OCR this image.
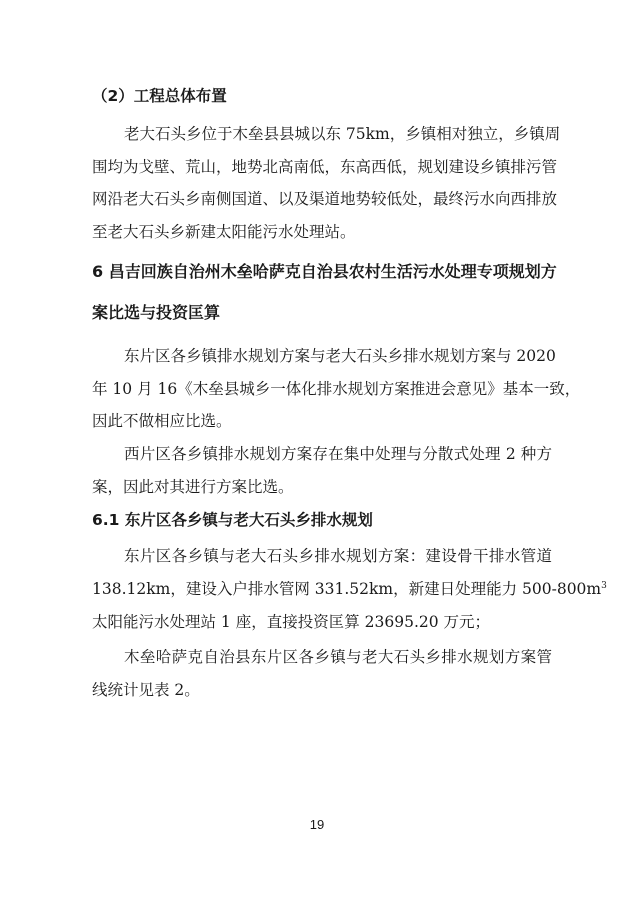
（2）工程总体布置
老大石头乡位于木垒县县城以东 75km，乡镇相对独立，乡镇周
围均为戈壁、荒山，地势北高南低，东高西低，规划建设乡镇排污管
网沿老大石头乡南侧国道、以及渠道地势较低处，最终污水向西排放
至老大石头乡新建太阳能污水处理站。
6 昌吉回族自治州木垒哈萨克自治县农村生活污水处理专项规划方
案比选与投资匡算
东片区各乡镇排水规划方案与老大石头乡排水规划方案与 2020
年 10 月 16《木垒县城乡一体化排水规划方案推进会意见》基本一致，
因此不做相应比选。
西片区各乡镇排水规划方案存在集中处理与分散式处理 2 种方
案，因此对其进行方案比选。
6.1 东片区各乡镇与老大石头乡排水规划
东片区各乡镇与老大石头乡排水规划方案：建设骨干排水管道
138.12km，建设入户排水管网 331.52km，新建日处理能力 $500-800m^3$
太阳能污水处理站 1 座，直接投资匡算 23695.20 万元；
木垒哈萨克自治县东片区各乡镇与老大石头乡排水规划方案管
线统计见表 2。
19
